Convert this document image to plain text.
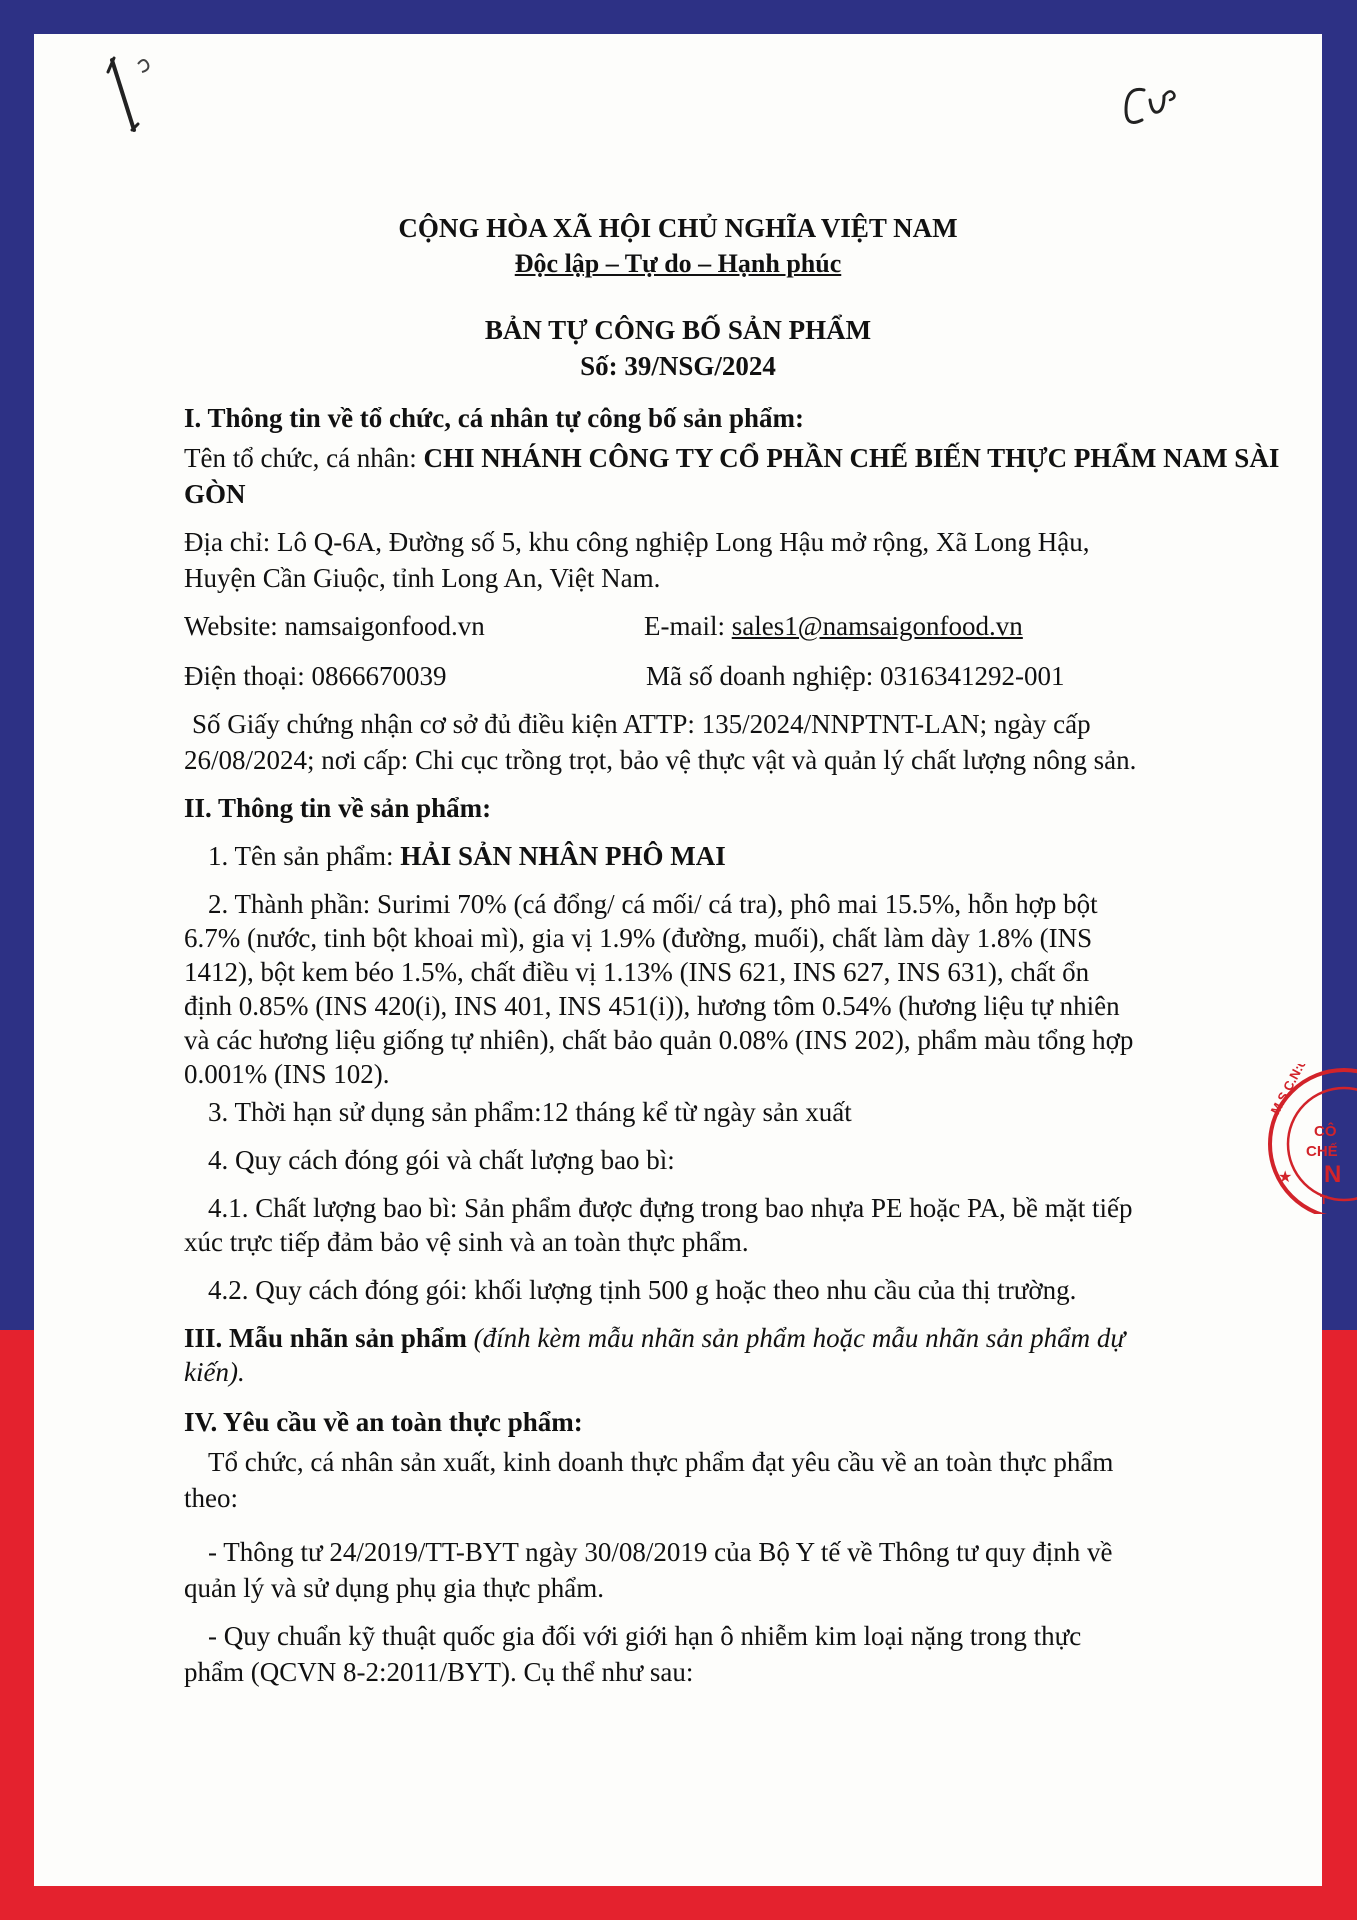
1
Cử
CỘNG HÒA XÃ HỘI CHỦ NGHĨA VIỆT NAM
Độc lập – Tự do – Hạnh phúc
BẢN TỰ CÔNG BỐ SẢN PHẨM
Số: 39/NSG/2024
I. Thông tin về tổ chức, cá nhân tự công bố sản phẩm:
Tên tổ chức, cá nhân: CHI NHÁNH CÔNG TY CỔ PHẦN CHẾ BIẾN THỰC PHẨM NAM SÀI
GÒN
Địa chỉ: Lô Q-6A, Đường số 5, khu công nghiệp Long Hậu mở rộng, Xã Long Hậu,
Huyện Cần Giuộc, tỉnh Long An, Việt Nam.
Website: namsaigonfood.vn	E-mail: sales1@namsaigonfood.vn
Điện thoại: 0866670039	Mã số doanh nghiệp: 0316341292-001
Số Giấy chứng nhận cơ sở đủ điều kiện ATTP: 135/2024/NNPTNT-LAN; ngày cấp
26/08/2024; nơi cấp: Chi cục trồng trọt, bảo vệ thực vật và quản lý chất lượng nông sản.
II. Thông tin về sản phẩm:
1. Tên sản phẩm: HẢI SẢN NHÂN PHÔ MAI
2. Thành phần: Surimi 70% (cá đổng/ cá mối/ cá tra), phô mai 15.5%, hỗn hợp bột
6.7% (nước, tinh bột khoai mì), gia vị 1.9% (đường, muối), chất làm dày 1.8% (INS
1412), bột kem béo 1.5%, chất điều vị 1.13% (INS 621, INS 627, INS 631), chất ổn
định 0.85% (INS 420(i), INS 401, INS 451(i)), hương tôm 0.54% (hương liệu tự nhiên
và các hương liệu giống tự nhiên), chất bảo quản 0.08% (INS 202), phẩm màu tổng hợp
0.001% (INS 102).
3. Thời hạn sử dụng sản phẩm:12 tháng kể từ ngày sản xuất
4. Quy cách đóng gói và chất lượng bao bì:
4.1. Chất lượng bao bì: Sản phẩm được đựng trong bao nhựa PE hoặc PA, bề mặt tiếp
xúc trực tiếp đảm bảo vệ sinh và an toàn thực phẩm.
4.2. Quy cách đóng gói: khối lượng tịnh 500 g hoặc theo nhu cầu của thị trường.
III. Mẫu nhãn sản phẩm (đính kèm mẫu nhãn sản phẩm hoặc mẫu nhãn sản phẩm dự
kiến).
IV. Yêu cầu về an toàn thực phẩm:
Tổ chức, cá nhân sản xuất, kinh doanh thực phẩm đạt yêu cầu về an toàn thực phẩm
theo:
- Thông tư 24/2019/TT-BYT ngày 30/08/2019 của Bộ Y tế về Thông tư quy định về
quản lý và sử dụng phụ gia thực phẩm.
- Quy chuẩn kỹ thuật quốc gia đối với giới hạn ô nhiễm kim loại nặng trong thực
phẩm (QCVN 8-2:2011/BYT). Cụ thể như sau:
M.S.C.N:03
CÔ
CHẾ
N
T
★
